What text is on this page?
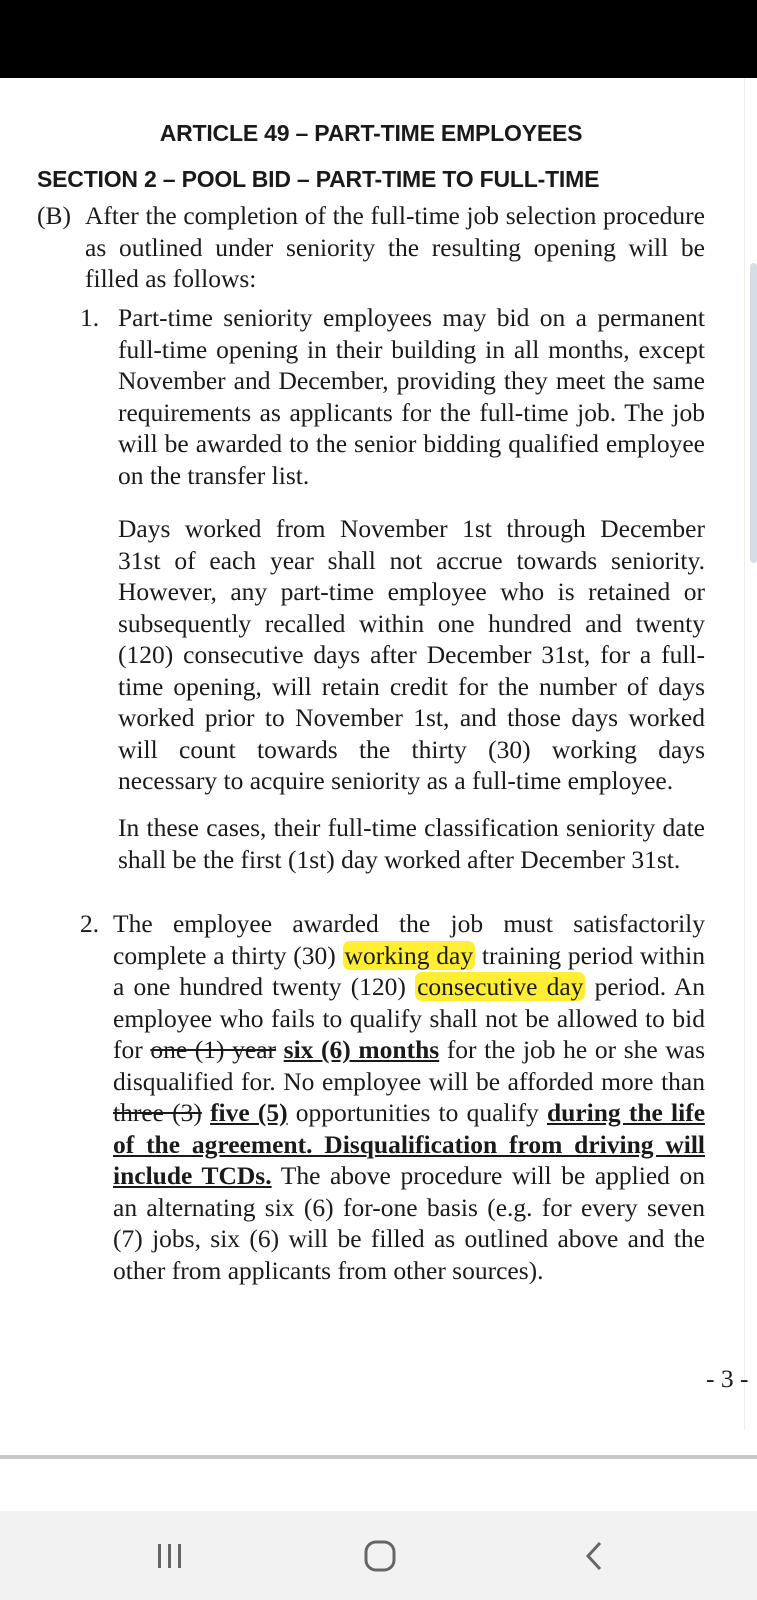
ARTICLE 49 – PART-TIME EMPLOYEES
SECTION 2 – POOL BID – PART-TIME TO FULL-TIME
(B) After the completion of the full-time job selection procedure as outlined under seniority the resulting opening will be filled as follows:
1. Part-time seniority employees may bid on a permanent full-time opening in their building in all months, except November and December, providing they meet the same requirements as applicants for the full-time job. The job will be awarded to the senior bidding qualified employee on the transfer list.
Days worked from November 1st through December 31st of each year shall not accrue towards seniority. However, any part-time employee who is retained or subsequently recalled within one hundred and twenty (120) consecutive days after December 31st, for a full-time opening, will retain credit for the number of days worked prior to November 1st, and those days worked will count towards the thirty (30) working days necessary to acquire seniority as a full-time employee.
In these cases, their full-time classification seniority date shall be the first (1st) day worked after December 31st.
2. The employee awarded the job must satisfactorily complete a thirty (30) working day training period within a one hundred twenty (120) consecutive day period. An employee who fails to qualify shall not be allowed to bid for one (1) year six (6) months for the job he or she was disqualified for. No employee will be afforded more than three (3) five (5) opportunities to qualify during the life of the agreement. Disqualification from driving will include TCDs. The above procedure will be applied on an alternating six (6) for-one basis (e.g. for every seven (7) jobs, six (6) will be filled as outlined above and the other from applicants from other sources).
- 3 -
